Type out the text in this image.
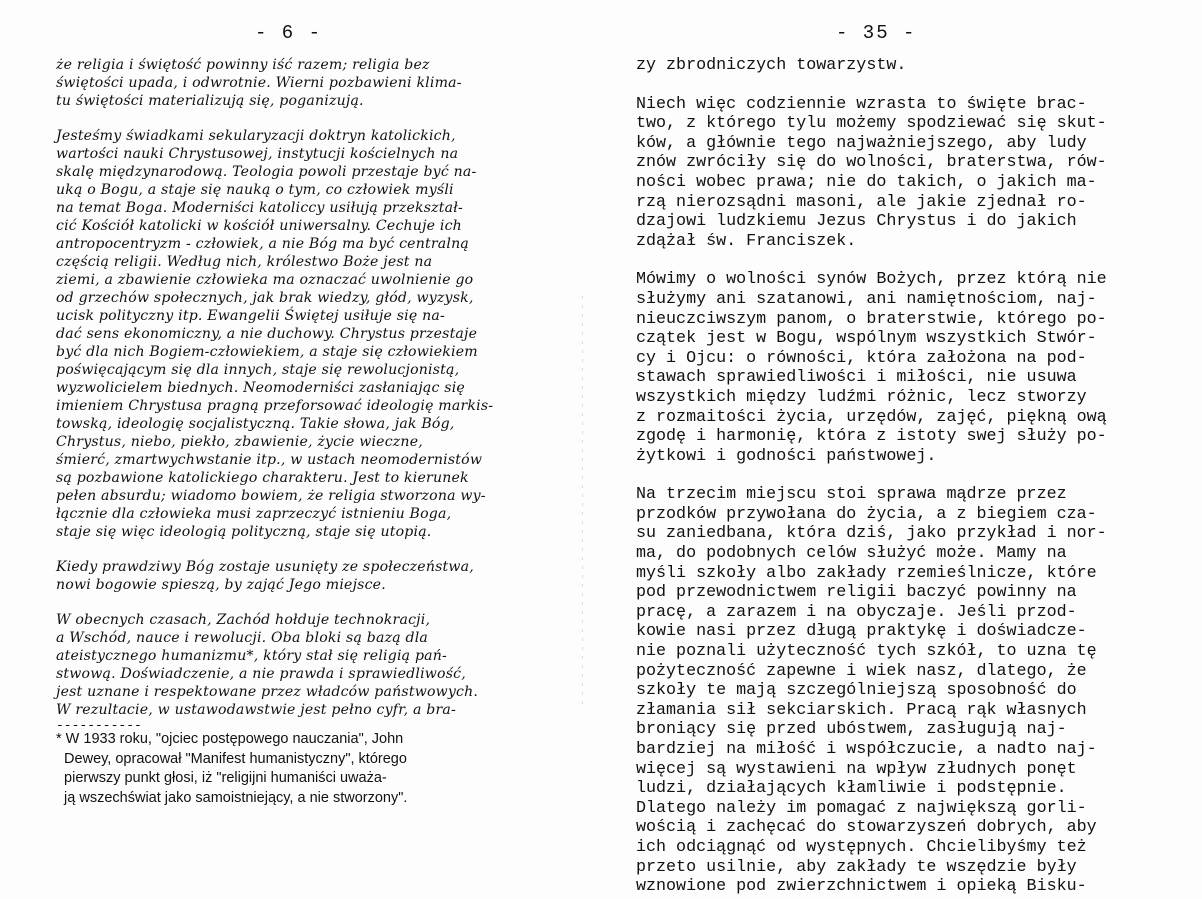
- 6 -
że religia i świętość powinny iść razem; religia bez
świętości upada, i odwrotnie. Wierni pozbawieni klima-
tu świętości materializują się, poganizują.
Jesteśmy świadkami sekularyzacji doktryn katolickich,
wartości nauki Chrystusowej, instytucji kościelnych na
skalę międzynarodową. Teologia powoli przestaje być na-
uką o Bogu, a staje się nauką o tym, co człowiek myśli
na temat Boga. Moderniści katoliccy usiłują przekształ-
cić Kościół katolicki w kościół uniwersalny. Cechuje ich
antropocentryzm - człowiek, a nie Bóg ma być centralną
częścią religii. Według nich, królestwo Boże jest na
ziemi, a zbawienie człowieka ma oznaczać uwolnienie go
od grzechów społecznych, jak brak wiedzy, głód, wyzysk,
ucisk polityczny itp. Ewangelii Świętej usiłuje się na-
dać sens ekonomiczny, a nie duchowy. Chrystus przestaje
być dla nich Bogiem-człowiekiem, a staje się człowiekiem
poświęcającym się dla innych, staje się rewolucjonistą,
wyzwolicielem biednych. Neomoderniści zasłaniając się
imieniem Chrystusa pragną przeforsować ideologię markis-
towską, ideologię socjalistyczną. Takie słowa, jak Bóg,
Chrystus, niebo, piekło, zbawienie, życie wieczne,
śmierć, zmartwychwstanie itp., w ustach neomodernistów
są pozbawione katolickiego charakteru. Jest to kierunek
pełen absurdu; wiadomo bowiem, że religia stworzona wy-
łącznie dla człowieka musi zaprzeczyć istnieniu Boga,
staje się więc ideologią polityczną, staje się utopią.
Kiedy prawdziwy Bóg zostaje usunięty ze społeczeństwa,
nowi bogowie spieszą, by zająć Jego miejsce.
W obecnych czasach, Zachód hołduje technokracji,
a Wschód, nauce i rewolucji. Oba bloki są bazą dla
ateistycznego humanizmu*, który stał się religią pań-
stwową. Doświadczenie, a nie prawda i sprawiedliwość,
jest uznane i respektowane przez władców państwowych.
W rezultacie, w ustawodawstwie jest pełno cyfr, a bra-
-----------
* W 1933 roku, "ojciec postępowego nauczania", John
Dewey, opracował "Manifest humanistyczny", którego
pierwszy punkt głosi, iż "religijni humaniści uważa-
ją wszechświat jako samoistniejący, a nie stworzony".
- 35 -
zy zbrodniczych towarzystw.
Niech więc codziennie wzrasta to święte brac-
two, z którego tylu możemy spodziewać się skut-
ków, a głównie tego najważniejszego, aby ludy
znów zwróciły się do wolności, braterstwa, rów-
ności wobec prawa; nie do takich, o jakich ma-
rzą nierozsądni masoni, ale jakie zjednał ro-
dzajowi ludzkiemu Jezus Chrystus i do jakich
zdążał św. Franciszek.
Mówimy o wolności synów Bożych, przez którą nie
służymy ani szatanowi, ani namiętnościom, naj-
nieuczciwszym panom, o braterstwie, którego po-
czątek jest w Bogu, wspólnym wszystkich Stwór-
cy i Ojcu: o równości, która założona na pod-
stawach sprawiedliwości i miłości, nie usuwa
wszystkich między ludźmi różnic, lecz stworzy
z rozmaitości życia, urzędów, zajęć, piękną ową
zgodę i harmonię, która z istoty swej służy po-
żytkowi i godności państwowej.
Na trzecim miejscu stoi sprawa mądrze przez
przodków przywołana do życia, a z biegiem cza-
su zaniedbana, która dziś, jako przykład i nor-
ma, do podobnych celów służyć może. Mamy na
myśli szkoły albo zakłady rzemieślnicze, które
pod przewodnictwem religii baczyć powinny na
pracę, a zarazem i na obyczaje. Jeśli przod-
kowie nasi przez długą praktykę i doświadcze-
nie poznali użyteczność tych szkół, to uzna tę
pożyteczność zapewne i wiek nasz, dlatego, że
szkoły te mają szczególniejszą sposobność do
złamania sił sekciarskich. Pracą rąk własnych
broniący się przed ubóstwem, zasługują naj-
bardziej na miłość i współczucie, a nadto naj-
więcej są wystawieni na wpływ złudnych ponęt
ludzi, działających kłamliwie i podstępnie.
Dlatego należy im pomagać z największą gorli-
wością i zachęcać do stowarzyszeń dobrych, aby
ich odciągnąć od występnych. Chcielibyśmy też
przeto usilnie, aby zakłady te wszędzie były
wznowione pod zwierzchnictwem i opieką Bisku-
